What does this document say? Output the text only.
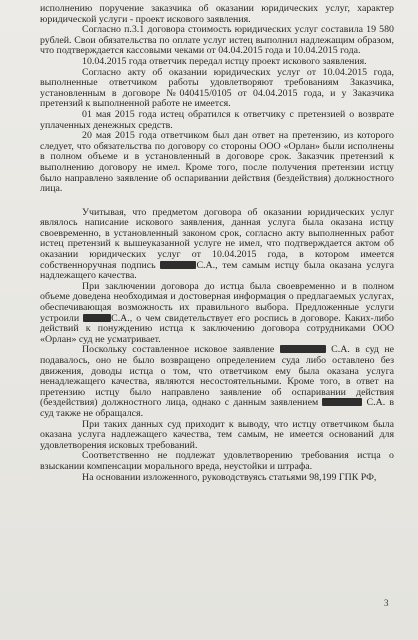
исполнению поручение заказчика об оказании юридических услуг, характер юридической услуги - проект искового заявления.

Согласно п.3.1 договора стоимость юридических услуг составила 19 580 рублей. Свои обязательства по оплате услуг истец выполнил надлежащим образом, что подтверждается кассовыми чеками от 04.04.2015 года и 10.04.2015 года.

10.04.2015 года ответчик передал истцу проект искового заявления.

Согласно акту об оказании юридических услуг от 10.04.2015 года, выполненные ответчиком работы удовлетворяют требованиям Заказчика, установленным в договоре №040415/0105 от 04.04.2015 года, и у Заказчика претензий к выполненной работе не имеется.

01 мая 2015 года истец обратился к ответчику с претензией о возврате уплаченных денежных средств.

20 мая 2015 года ответчиком был дан ответ на претензию, из которого следует, что обязательства по договору со стороны ООО «Орлан» были исполнены в полном объеме и в установленный в договоре срок. Заказчик претензий к выполнению договору не имел. Кроме того, после получения претензии истцу было направлено заявление об оспаривании действия (бездействия) должностного лица.

Учитывая, что предметом договора об оказании юридических услуг являлось написание искового заявления, данная услуга была оказана истцу своевременно, в установленный законом срок, согласно акту выполненных работ истец претензий к вышеуказанной услуге не имел, что подтверждается актом об оказании юридических услуг от 10.04.2015 года, в котором имеется собственноручная подпись	С.А., тем самым истцу была оказана услуга надлежащего качества.

При заключении договора до истца была своевременно и в полном объеме доведена необходимая и достоверная информация о предлагаемых услугах, обеспечивающая возможность их правильного выбора. Предложенные услуги устроили	С.А., о чем свидетельствует его роспись в договоре. Каких-либо действий к понуждению истца к заключению договора сотрудниками ООО «Орлан» суд не усматривает.

Поскольку составленное исковое заявление	С.А. в суд не подавалось, оно не было возвращено определением суда либо оставлено без движения, доводы истца о том, что ответчиком ему была оказана услуга ненадлежащего качества, являются несостоятельными. Кроме того, в ответ на претензию истцу было направлено заявление об оспаривании действия (бездействия) должностного лица, однако с данным заявлением	С.А. в суд также не обращался.

При таких данных суд приходит к выводу, что истцу ответчиком была оказана услуга надлежащего качества, тем самым, не имеется оснований для удовлетворения исковых требований.

Соответственно не подлежат удовлетворению требования истца о взыскании компенсации морального вреда, неустойки и штрафа.

На основании изложенного, руководствуясь статьями 98,199 ГПК РФ,

3
